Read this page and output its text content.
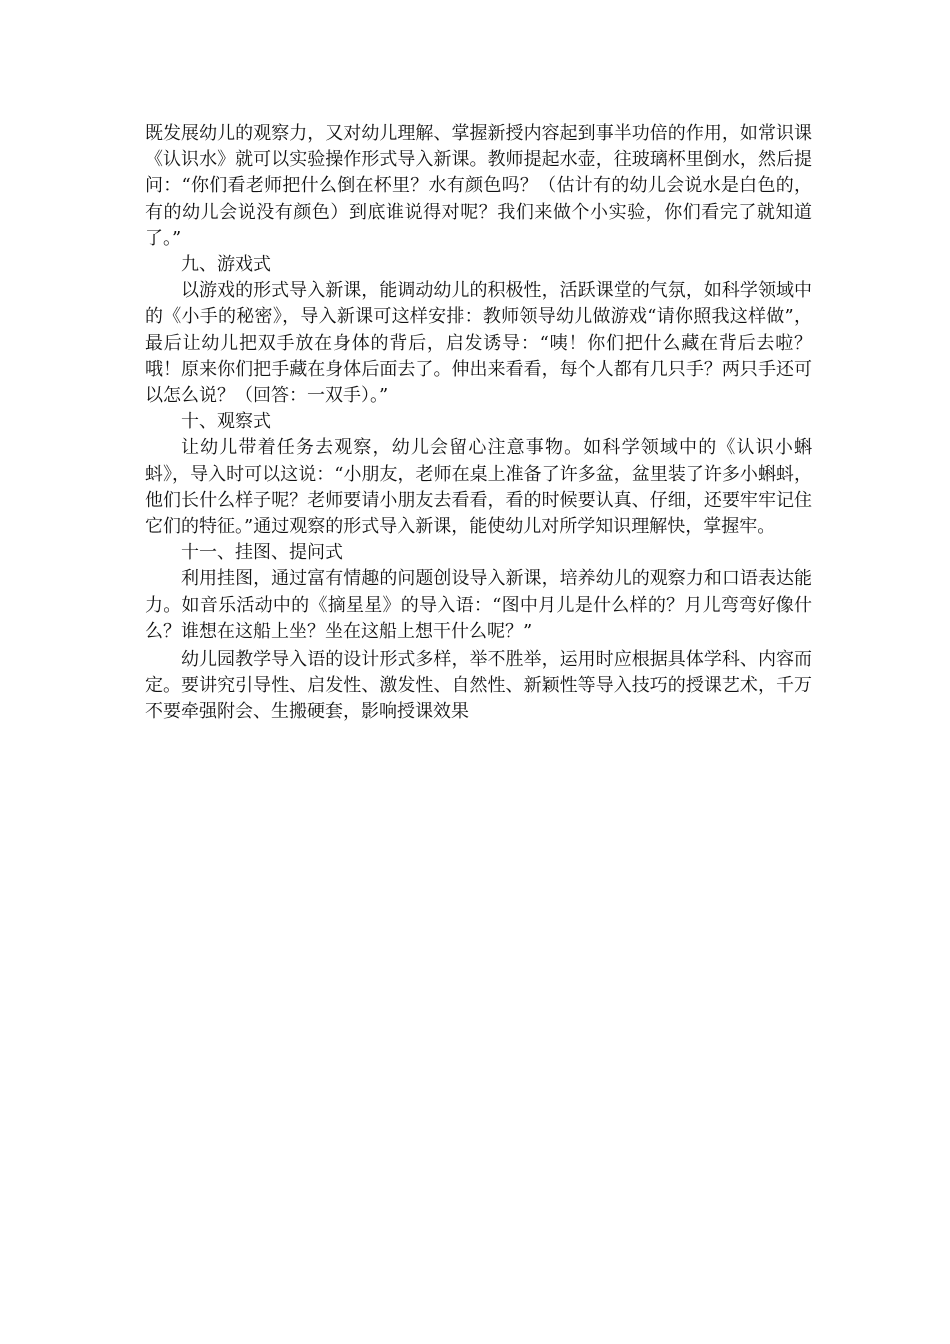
既发展幼儿的观察力，又对幼儿理解、掌握新授内容起到事半功倍的作用，如常识课《认识水》就可以实验操作形式导入新课。教师提起水壶，往玻璃杯里倒水，然后提问：“你们看老师把什么倒在杯里？水有颜色吗？（估计有的幼儿会说水是白色的，有的幼儿会说没有颜色）到底谁说得对呢？我们来做个小实验，你们看完了就知道了。”

九、游戏式

以游戏的形式导入新课，能调动幼儿的积极性，活跃课堂的气氛，如科学领域中的《小手的秘密》，导入新课可这样安排：教师领导幼儿做游戏“请你照我这样做”，最后让幼儿把双手放在身体的背后，启发诱导：“咦！你们把什么藏在背后去啦？哦！原来你们把手藏在身体后面去了。伸出来看看，每个人都有几只手？两只手还可以怎么说？（回答：一双手）。”

十、观察式

让幼儿带着任务去观察，幼儿会留心注意事物。如科学领域中的《认识小蝌蚪》，导入时可以这说：“小朋友，老师在桌上准备了许多盆，盆里装了许多小蝌蚪，他们长什么样子呢？老师要请小朋友去看看，看的时候要认真、仔细，还要牢牢记住它们的特征。”通过观察的形式导入新课，能使幼儿对所学知识理解快，掌握牢。

十一、挂图、提问式

利用挂图，通过富有情趣的问题创设导入新课，培养幼儿的观察力和口语表达能力。如音乐活动中的《摘星星》的导入语：“图中月儿是什么样的？月儿弯弯好像什么？谁想在这船上坐？坐在这船上想干什么呢？”

幼儿园教学导入语的设计形式多样，举不胜举，运用时应根据具体学科、内容而定。要讲究引导性、启发性、激发性、自然性、新颖性等导入技巧的授课艺术，千万不要牵强附会、生搬硬套，影响授课效果
